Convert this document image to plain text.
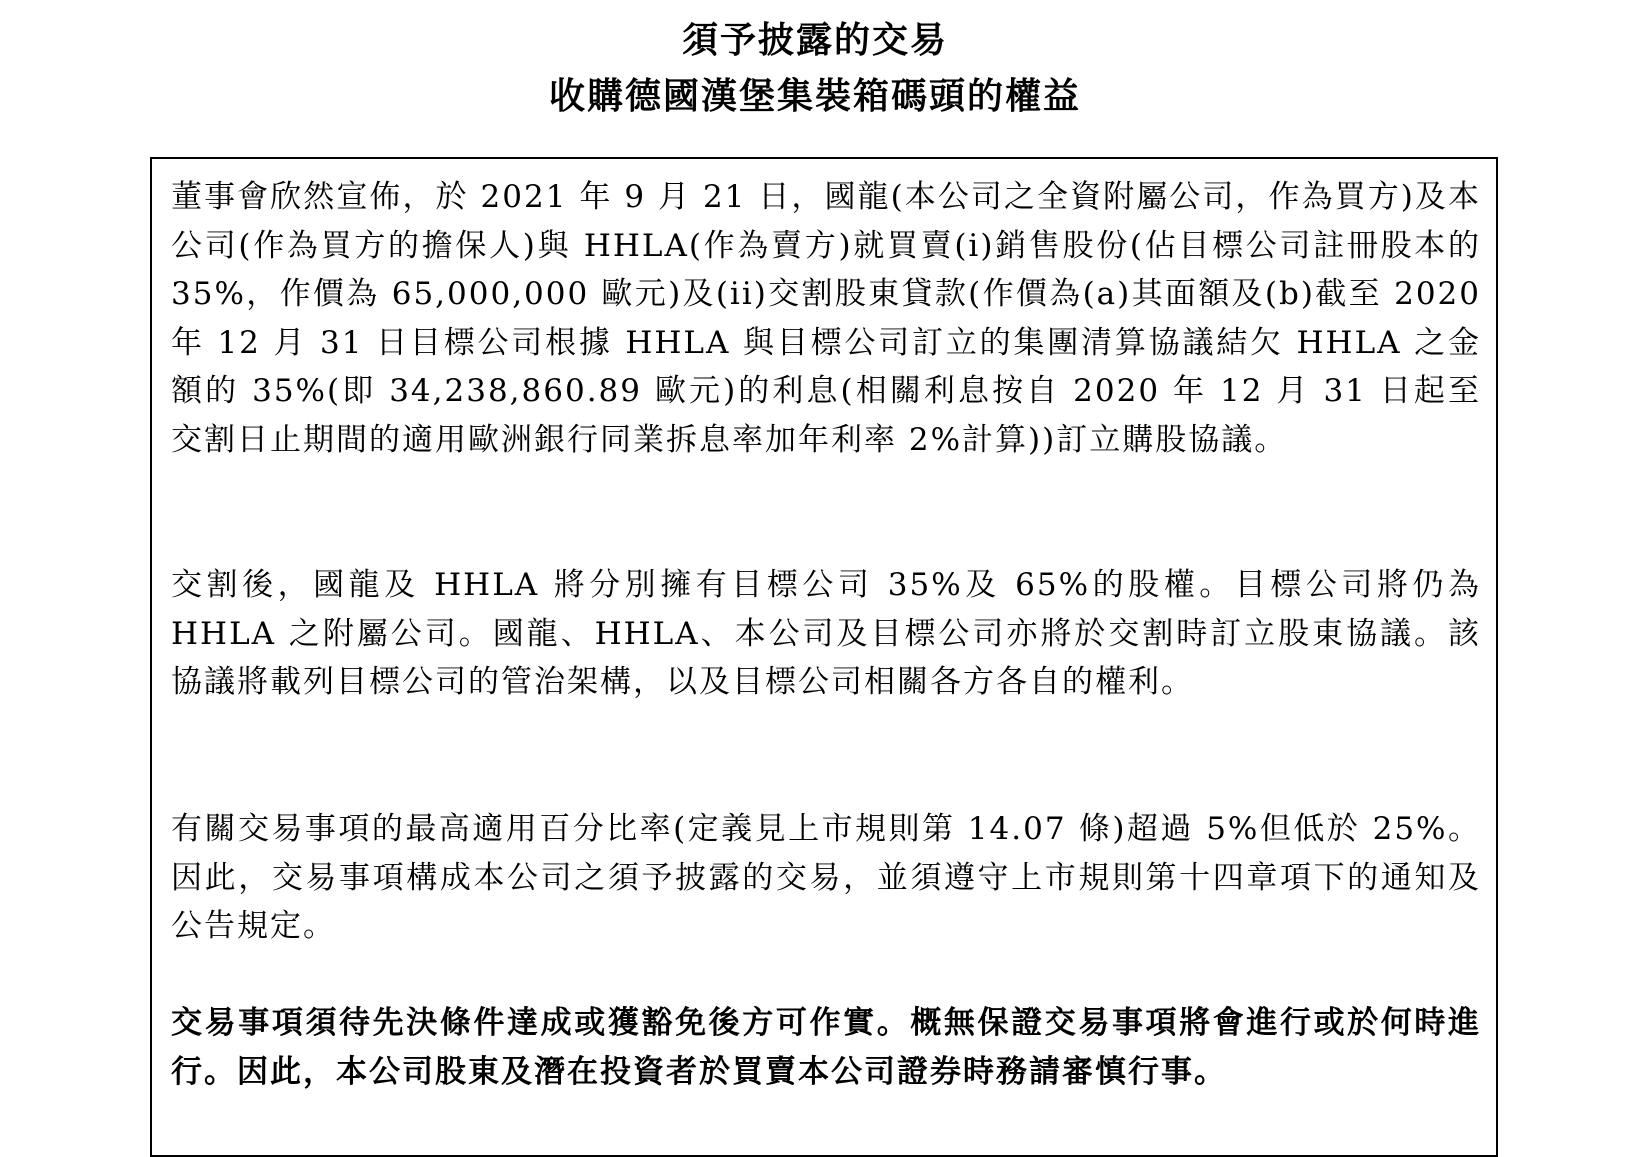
須予披露的交易
收購德國漢堡集裝箱碼頭的權益

董事會欣然宣佈，於 2021 年 9 月 21 日，國龍(本公司之全資附屬公司，作為買方)及本公司(作為買方的擔保人)與 HHLA(作為賣方)就買賣(i)銷售股份(佔目標公司註冊股本的 35%，作價為 65,000,000 歐元)及(ii)交割股東貸款(作價為(a)其面額及(b)截至 2020 年 12 月 31 日目標公司根據 HHLA 與目標公司訂立的集團清算協議結欠 HHLA 之金額的 35%(即 34,238,860.89 歐元)的利息(相關利息按自 2020 年 12 月 31 日起至交割日止期間的適用歐洲銀行同業拆息率加年利率 2%計算))訂立購股協議。

交割後，國龍及 HHLA 將分別擁有目標公司 35%及 65%的股權。目標公司將仍為 HHLA 之附屬公司。國龍、HHLA、本公司及目標公司亦將於交割時訂立股東協議。該協議將載列目標公司的管治架構，以及目標公司相關各方各自的權利。

有關交易事項的最高適用百分比率(定義見上市規則第 14.07 條)超過 5%但低於 25%。因此，交易事項構成本公司之須予披露的交易，並須遵守上市規則第十四章項下的通知及公告規定。

交易事項須待先決條件達成或獲豁免後方可作實。概無保證交易事項將會進行或於何時進行。因此，本公司股東及潛在投資者於買賣本公司證券時務請審慎行事。
